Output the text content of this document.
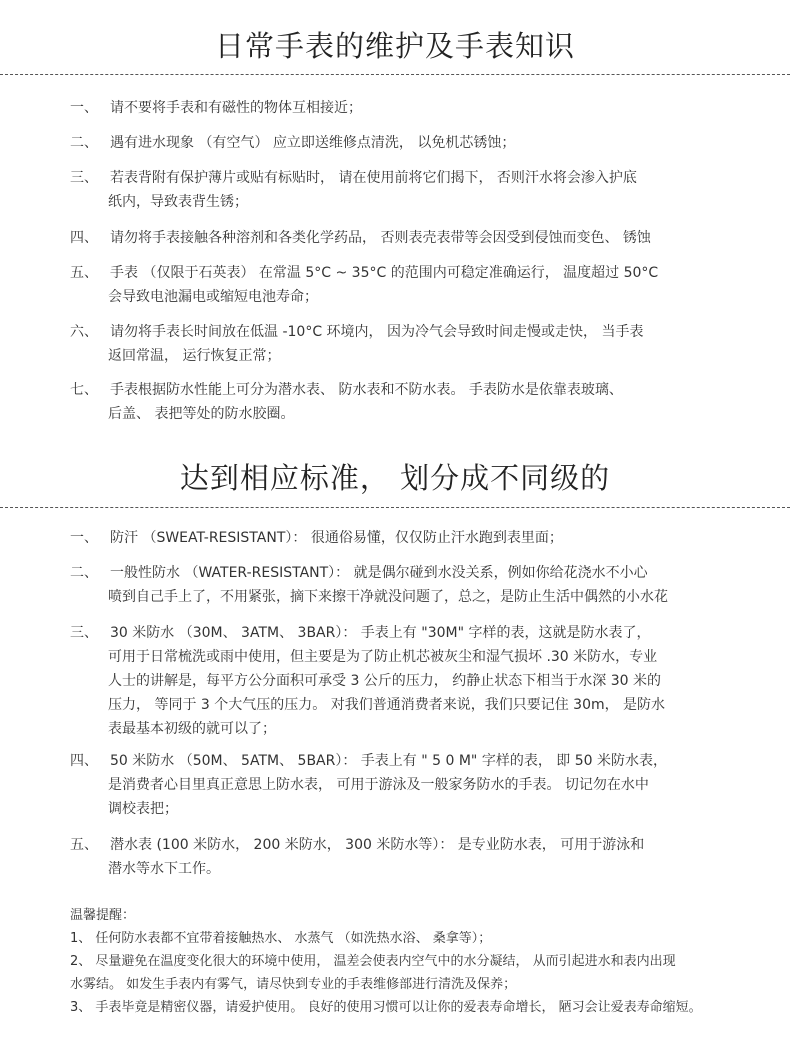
日常手表的维护及手表知识
一、 请不要将手表和有磁性的物体互相接近；
二、 遇有进水现象 （有空气） 应立即送维修点清洗， 以免机芯锈蚀；
三、 若表背附有保护薄片或贴有标贴时， 请在使用前将它们揭下， 否则汗水将会渗入护底
纸内，导致表背生锈；
四、 请勿将手表接触各种溶剂和各类化学药品， 否则表壳表带等会因受到侵蚀而变色、 锈蚀
五、 手表 （仅限于石英表） 在常温 5°C ~ 35°C 的范围内可稳定准确运行， 温度超过 50°C
会导致电池漏电或缩短电池寿命；
六、 请勿将手表长时间放在低温 -10°C 环境内， 因为冷气会导致时间走慢或走快， 当手表
返回常温， 运行恢复正常；
七、 手表根据防水性能上可分为潜水表、 防水表和不防水表。 手表防水是依靠表玻璃、
后盖、 表把等处的防水胶圈。
达到相应标准， 划分成不同级的
一、 防汗 （SWEAT-RESISTANT）： 很通俗易懂，仅仅防止汗水跑到表里面；
二、 一般性防水 （WATER-RESISTANT）： 就是偶尔碰到水没关系，例如你给花浇水不小心
喷到自己手上了，不用紧张，摘下来擦干净就没问题了，总之，是防止生活中偶然的小水花
三、 30 米防水 （30M、 3ATM、 3BAR）： 手表上有 "30M" 字样的表，这就是防水表了，
可用于日常梳洗或雨中使用，但主要是为了防止机芯被灰尘和湿气损坏 .30 米防水，专业
人士的讲解是，每平方公分面积可承受 3 公斤的压力， 约静止状态下相当于水深 30 米的
压力， 等同于 3 个大气压的压力。 对我们普通消费者来说，我们只要记住 30m， 是防水
表最基本初级的就可以了；
四、 50 米防水 （50M、 5ATM、 5BAR）： 手表上有 " 5 0 M" 字样的表， 即 50 米防水表，
是消费者心目里真正意思上防水表， 可用于游泳及一般家务防水的手表。 切记勿在水中
调校表把；
五、 潜水表 (100 米防水， 200 米防水， 300 米防水等）： 是专业防水表， 可用于游泳和
潜水等水下工作。
温馨提醒：
1、 任何防水表都不宜带着接触热水、 水蒸气 （如洗热水浴、 桑拿等）；
2、 尽量避免在温度变化很大的环境中使用， 温差会使表内空气中的水分凝结， 从而引起进水和表内出现
水雾结。 如发生手表内有雾气，请尽快到专业的手表维修部进行清洗及保养；
3、 手表毕竟是精密仪器，请爱护使用。 良好的使用习惯可以让你的爱表寿命增长， 陋习会让爱表寿命缩短。
